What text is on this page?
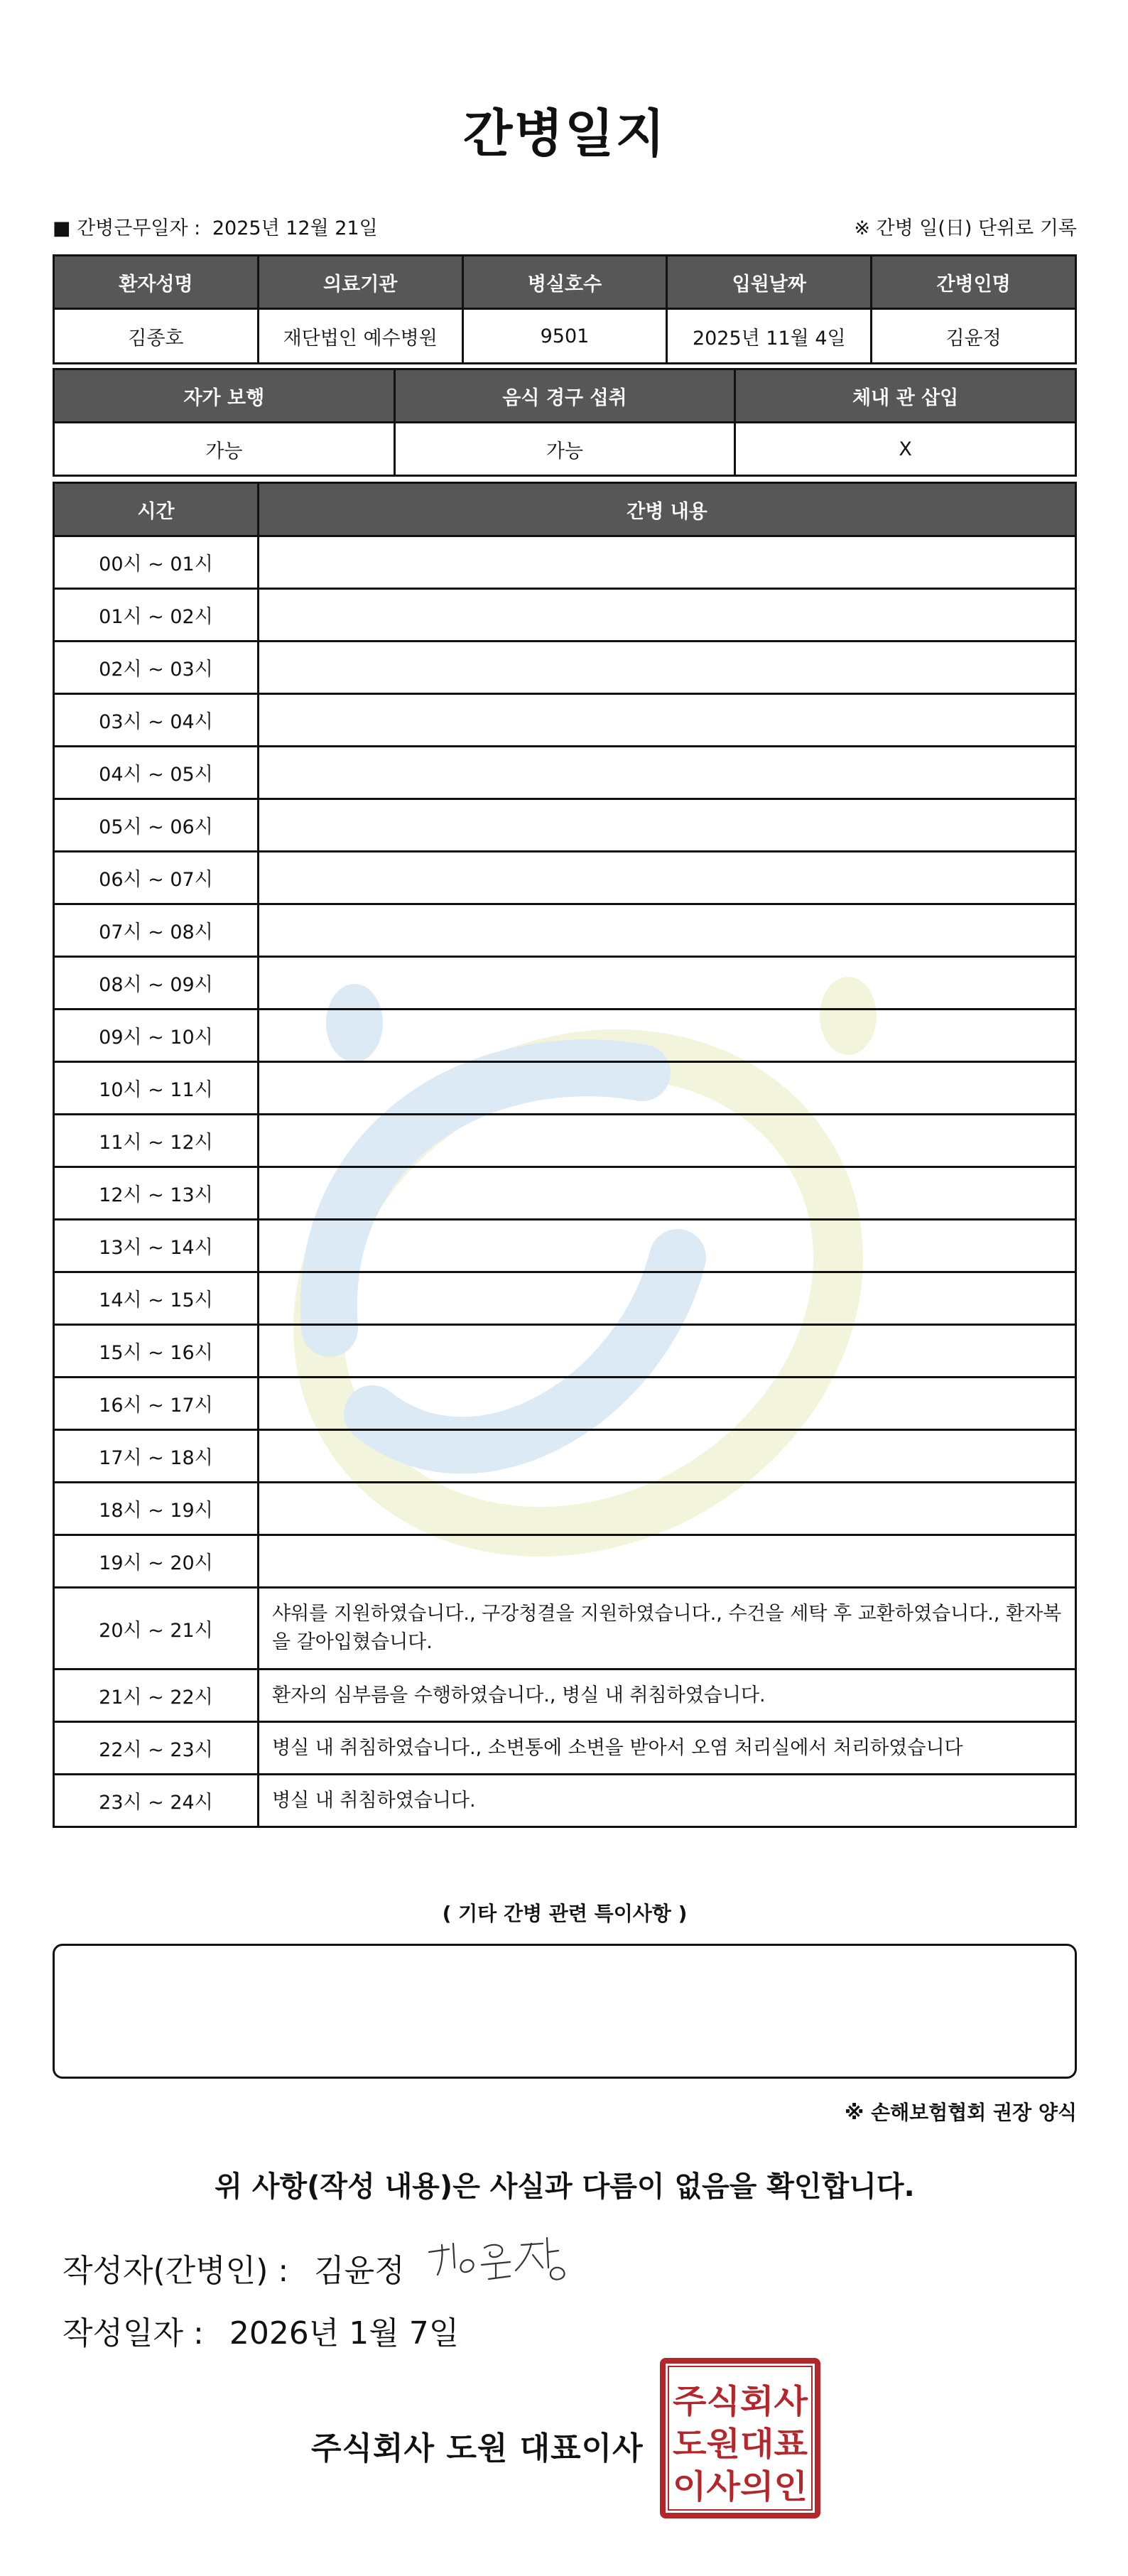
간병일지
■ 간병근무일자 : 2025년 12월 21일	※ 간병 일(日) 단위로 기록
환자성명	의료기관	병실호수	입원날짜	간병인명
김종호	재단법인 예수병원	9501	2025년 11월 4일	김윤정
자가 보행	음식 경구 섭취	체내 관 삽입
가능	가능	X
시간	간병 내용
00시 ~ 01시	
01시 ~ 02시	
02시 ~ 03시	
03시 ~ 04시	
04시 ~ 05시	
05시 ~ 06시	
06시 ~ 07시	
07시 ~ 08시	
08시 ~ 09시	
09시 ~ 10시	
10시 ~ 11시	
11시 ~ 12시	
12시 ~ 13시	
13시 ~ 14시	
14시 ~ 15시	
15시 ~ 16시	
16시 ~ 17시	
17시 ~ 18시	
18시 ~ 19시	
19시 ~ 20시	
20시 ~ 21시	샤워를 지원하였습니다., 구강청결을 지원하였습니다., 수건을 세탁 후 교환하였습니다., 환자복을 갈아입혔습니다.
21시 ~ 22시	환자의 심부름을 수행하였습니다., 병실 내 취침하였습니다.
22시 ~ 23시	병실 내 취침하였습니다., 소변통에 소변을 받아서 오염 처리실에서 처리하였습니다
23시 ~ 24시	병실 내 취침하였습니다.
( 기타 간병 관련 특이사항 )
※ 손해보험협회 권장 양식
위 사항(작성 내용)은 사실과 다름이 없음을 확인합니다.
작성자(간병인) : 김윤정
작성일자 : 2026년 1월 7일
주식회사 도원 대표이사
주식회사
도원대표
이사의인
